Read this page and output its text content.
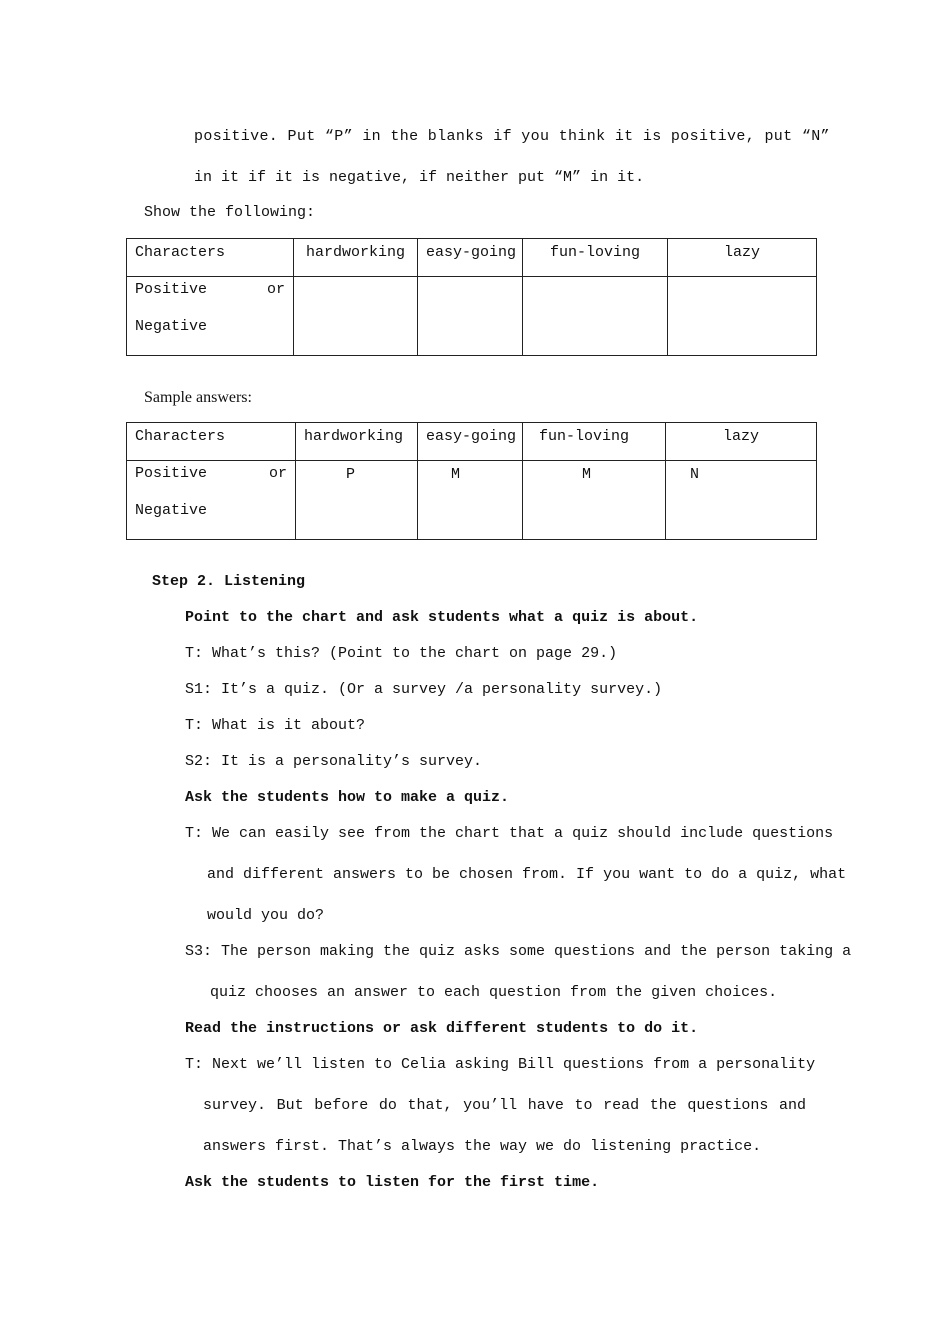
positive. Put “P” in the blanks if you think it is positive, put “N”
in it if it is negative, if neither put “M” in it.
Show the following:
Characters	hardworking	easy-going	fun-loving	lazy

Positive or
Negative				

Sample answers:
Characters	hardworking	easy-going	fun-loving	lazy

Positive or
Negative	P	M	M	N
Step 2. Listening
Point to the chart and ask students what a quiz is about.
T: What’s this? (Point to the chart on page 29.)
S1: It’s a quiz. (Or a survey /a personality survey.)
T: What is it about?
S2: It is a personality’s survey.
Ask the students how to make a quiz.
T: We can easily see from the chart that a quiz should include questions
and different answers to be chosen from. If you want to do a quiz, what
would you do?
S3: The person making the quiz asks some questions and the person taking a
quiz chooses an answer to each question from the given choices.
Read the instructions or ask different students to do it.
T: Next we’ll listen to Celia asking Bill questions from a personality
survey. But before do that, you’ll have to read the questions and
answers first. That’s always the way we do listening practice.
Ask the students to listen for the first time.
